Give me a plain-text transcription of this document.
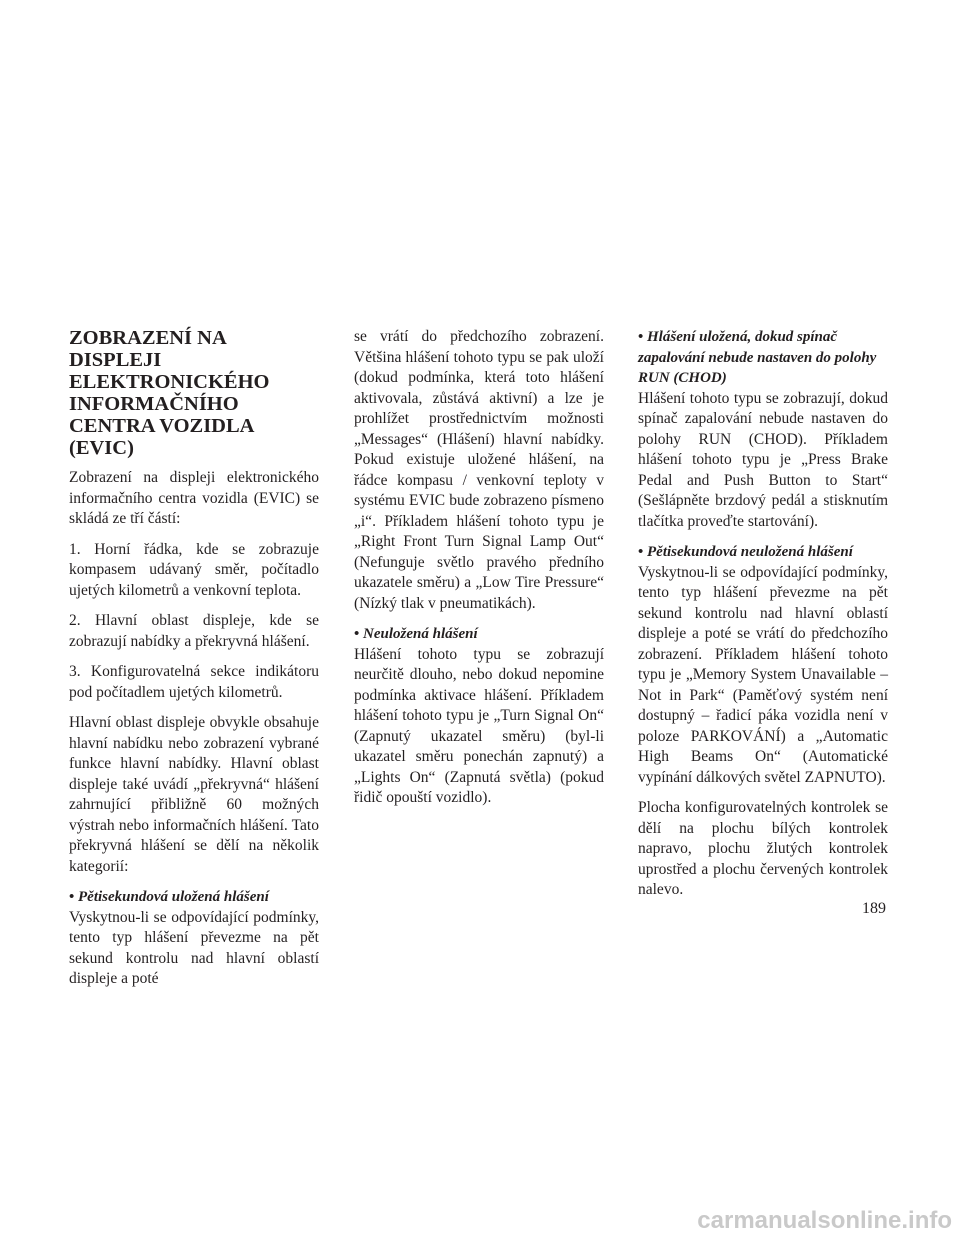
ZOBRAZENÍ NA DISPLEJI ELEKTRONICKÉHO INFORMAČNÍHO CENTRA VOZIDLA (EVIC)

Zobrazení na displeji elektronického informačního centra vozidla (EVIC) se skládá ze tří částí:

1. Horní řádka, kde se zobrazuje kompasem udávaný směr, počítadlo ujetých kilometrů a venkovní teplota.

2. Hlavní oblast displeje, kde se zobrazují nabídky a překryvná hlášení.

3. Konfigurovatelná sekce indikátoru pod počítadlem ujetých kilometrů.

Hlavní oblast displeje obvykle obsahuje hlavní nabídku nebo zobrazení vybrané funkce hlavní nabídky. Hlavní oblast displeje také uvádí „překryvná“ hlášení zahrnující přibližně 60 možných výstrah nebo informačních hlášení. Tato překryvná hlášení se dělí na několik kategorií:

• Pětisekundová uložená hlášení

Vyskytnou-li se odpovídající podmínky, tento typ hlášení převezme na pět sekund kontrolu nad hlavní oblastí displeje a poté

se vrátí do předchozího zobrazení. Většina hlášení tohoto typu se pak uloží (dokud podmínka, která toto hlášení aktivovala, zůstává aktivní) a lze je prohlížet prostřednictvím možnosti „Messages“ (Hlášení) hlavní nabídky. Pokud existuje uložené hlášení, na řádce kompasu / venkovní teploty v systému EVIC bude zobrazeno písmeno „i“. Příkladem hlášení tohoto typu je „Right Front Turn Signal Lamp Out“ (Nefunguje světlo pravého předního ukazatele směru) a „Low Tire Pressure“ (Nízký tlak v pneumatikách).

• Neuložená hlášení

Hlášení tohoto typu se zobrazují neurčitě dlouho, nebo dokud nepomine podmínka aktivace hlášení. Příkladem hlášení tohoto typu je „Turn Signal On“ (Zapnutý ukazatel směru) (byl-li ukazatel směru ponechán zapnutý) a „Lights On“ (Zapnutá světla) (pokud řidič opouští vozidlo).

• Hlášení uložená, dokud spínač zapalování nebude nastaven do polohy RUN (CHOD)

Hlášení tohoto typu se zobrazují, dokud spínač zapalování nebude nastaven do polohy RUN (CHOD). Příkladem hlášení tohoto typu je „Press Brake Pedal and Push Button to Start“ (Sešlápněte brzdový pedál a stisknutím tlačítka proveďte startování).

• Pětisekundová neuložená hlášení

Vyskytnou-li se odpovídající podmínky, tento typ hlášení převezme na pět sekund kontrolu nad hlavní oblastí displeje a poté se vrátí do předchozího zobrazení. Příkladem hlášení tohoto typu je „Memory System Unavailable – Not in Park“ (Paměťový systém není dostupný – řadicí páka vozidla není v poloze PARKOVÁNÍ) a „Automatic High Beams On“ (Automatické vypínání dálkových světel ZAPNUTO).

Plocha konfigurovatelných kontrolek se dělí na plochu bílých kontrolek napravo, plochu žlutých kontrolek uprostřed a plochu červených kontrolek nalevo.

189
carmanualsonline.info
